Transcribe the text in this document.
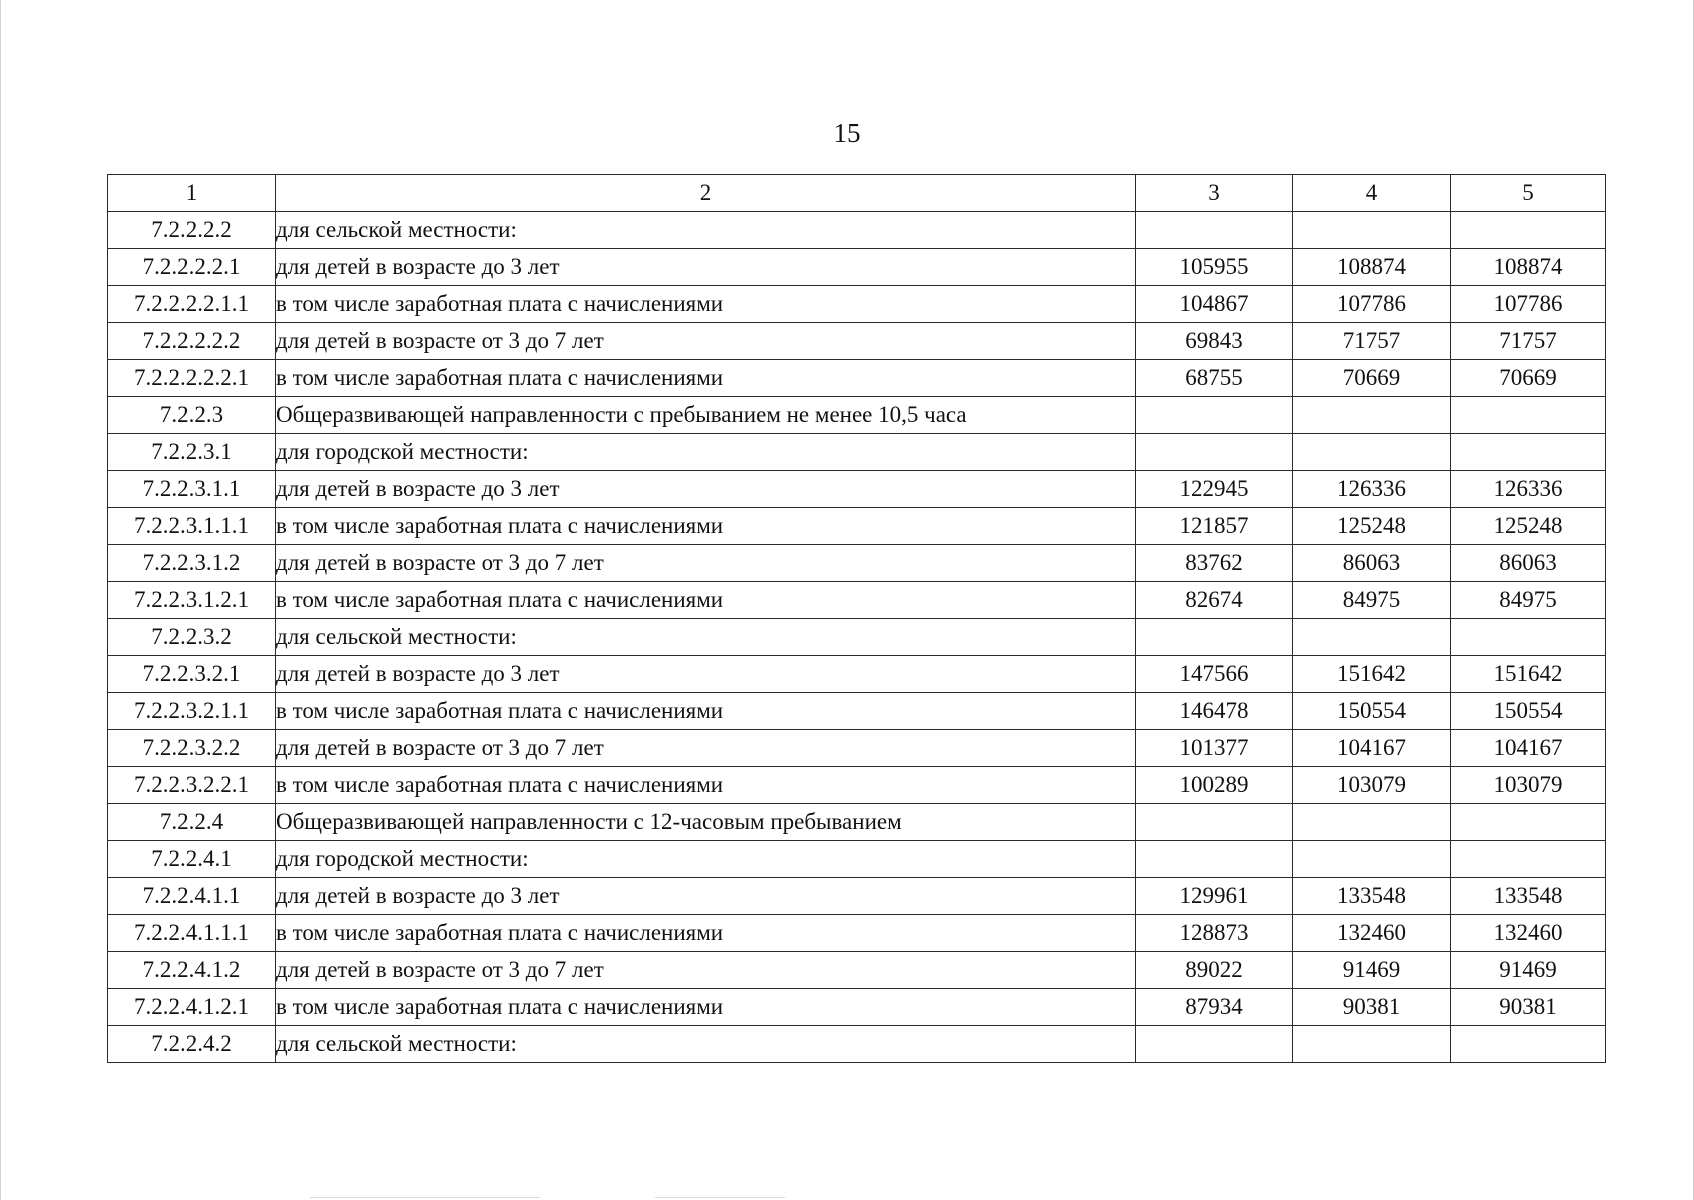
15
1	2	3	4	5
7.2.2.2.2	для сельской местности:			
7.2.2.2.2.1	для детей в возрасте до 3 лет	105955	108874	108874
7.2.2.2.2.1.1	в том числе заработная плата с начислениями	104867	107786	107786
7.2.2.2.2.2	для детей в возрасте от 3 до 7 лет	69843	71757	71757
7.2.2.2.2.2.1	в том числе заработная плата с начислениями	68755	70669	70669
7.2.2.3	Общеразвивающей направленности с пребыванием не менее 10,5 часа			
7.2.2.3.1	для городской местности:			
7.2.2.3.1.1	для детей в возрасте до 3 лет	122945	126336	126336
7.2.2.3.1.1.1	в том числе заработная плата с начислениями	121857	125248	125248
7.2.2.3.1.2	для детей в возрасте от 3 до 7 лет	83762	86063	86063
7.2.2.3.1.2.1	в том числе заработная плата с начислениями	82674	84975	84975
7.2.2.3.2	для сельской местности:			
7.2.2.3.2.1	для детей в возрасте до 3 лет	147566	151642	151642
7.2.2.3.2.1.1	в том числе заработная плата с начислениями	146478	150554	150554
7.2.2.3.2.2	для детей в возрасте от 3 до 7 лет	101377	104167	104167
7.2.2.3.2.2.1	в том числе заработная плата с начислениями	100289	103079	103079
7.2.2.4	Общеразвивающей направленности с 12-часовым пребыванием			
7.2.2.4.1	для городской местности:			
7.2.2.4.1.1	для детей в возрасте до 3 лет	129961	133548	133548
7.2.2.4.1.1.1	в том числе заработная плата с начислениями	128873	132460	132460
7.2.2.4.1.2	для детей в возрасте от 3 до 7 лет	89022	91469	91469
7.2.2.4.1.2.1	в том числе заработная плата с начислениями	87934	90381	90381
7.2.2.4.2	для сельской местности:			
